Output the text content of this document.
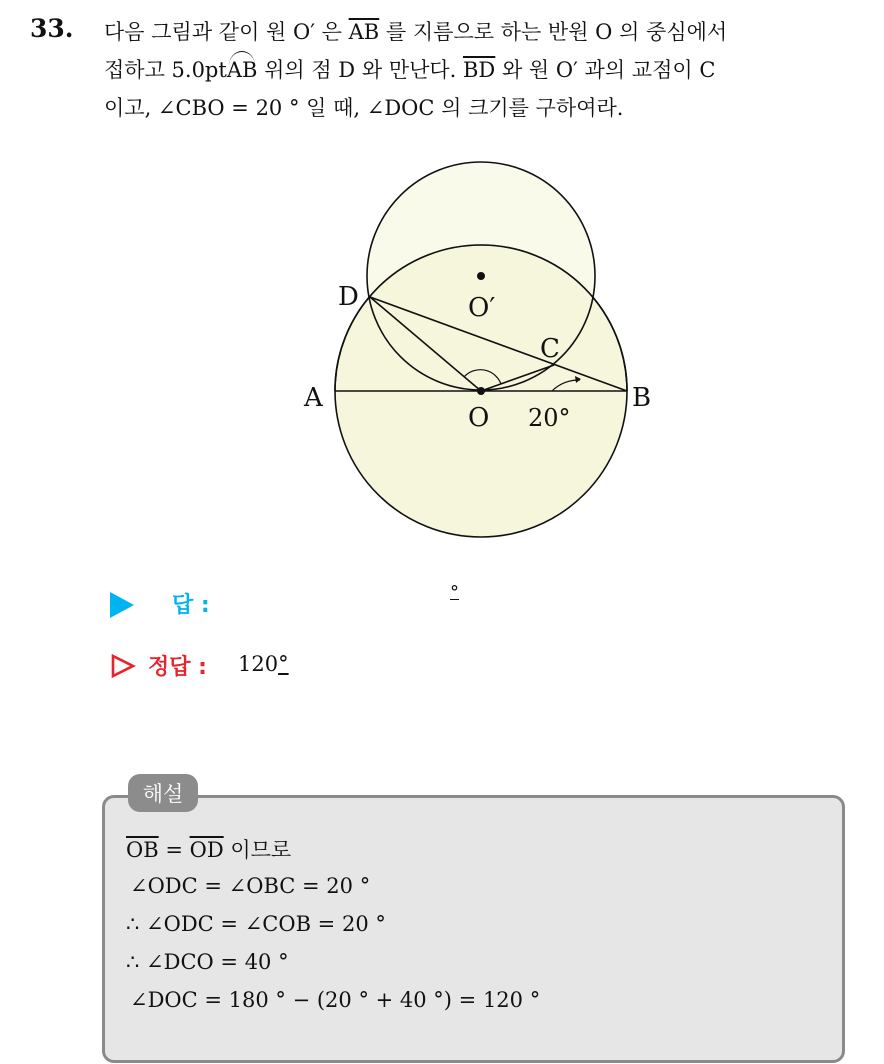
33. 다음 그림과 같이 원 O′ 은 $\overline{AB}$ 를 지름으로 하는 반원 O 의 중심에서
접하고 5.0ptAB 위의 점 D 와 만난다. $\overline{BD}$ 와 원 O′ 과의 교점이 C
이고, ∠CBO = 20 ° 일 때, ∠DOC 의 크기를 구하여라.
A	B
O
O′
C
D
20°
답 :
°
정답 : 120°
해설
$\overline{OB} = \overline{OD}$ 이므로
∠ODC = ∠OBC = 20 °
∴ ∠ODC = ∠COB = 20 °
∴ ∠DCO = 40 °
∠DOC = 180 ° − (20 ° + 40 °) = 120 °
